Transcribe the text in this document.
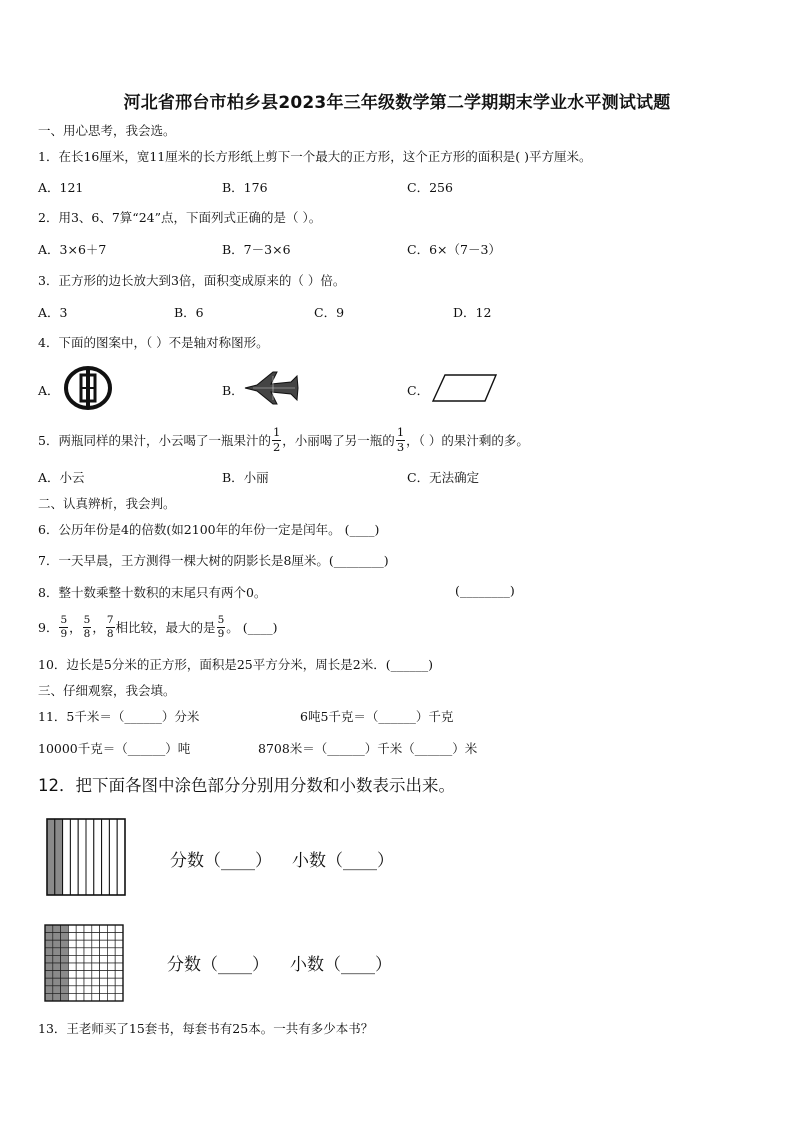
河北省邢台市柏乡县2023年三年级数学第二学期期末学业水平测试试题
一、用心思考，我会选。
1．在长16厘米，宽11厘米的长方形纸上剪下一个最大的正方形，这个正方形的面积是( )平方厘米。
A．121	B．176	C．256
2．用3、6、7算“24”点，下面列式正确的是（ ）。
A．3×6＋7	B．7－3×6	C．6×（7－3）
3．正方形的边长放大到3倍，面积变成原来的（ ）倍。
A．3	B．6	C．9	D．12
4．下面的图案中，（ ）不是轴对称图形。
A．	B．	C．
5．两瓶同样的果汁，小云喝了一瓶果汁的 $\frac{1}{2}$ ，小丽喝了另一瓶的 $\frac{1}{3}$ ，（ ）的果汁剩的多。
A．小云	B．小丽	C．无法确定
二、认真辨析，我会判。
6．公历年份是4的倍数(如2100年的年份一定是闰年。 (____)
7．一天早晨，王方测得一棵大树的阴影长是8厘米。(________)
8．整十数乘整十数积的末尾只有两个0。	(________)
9． $\frac{5}{9}$ ， $\frac{5}{8}$ ， $\frac{7}{8}$ 相比较，最大的是 $\frac{5}{9}$ 。 (____)
10．边长是5分米的正方形，面积是25平方分米，周长是2米．(______)
三、仔细观察，我会填。
11．5千米＝（______）分米	6吨5千克＝（______）千克
10000千克＝（______）吨	8708米＝（______）千米（______）米
12．把下面各图中涂色部分分别用分数和小数表示出来。
分数（____） 小数（____）
分数（____） 小数（____）
13．王老师买了15套书，每套书有25本。一共有多少本书？
